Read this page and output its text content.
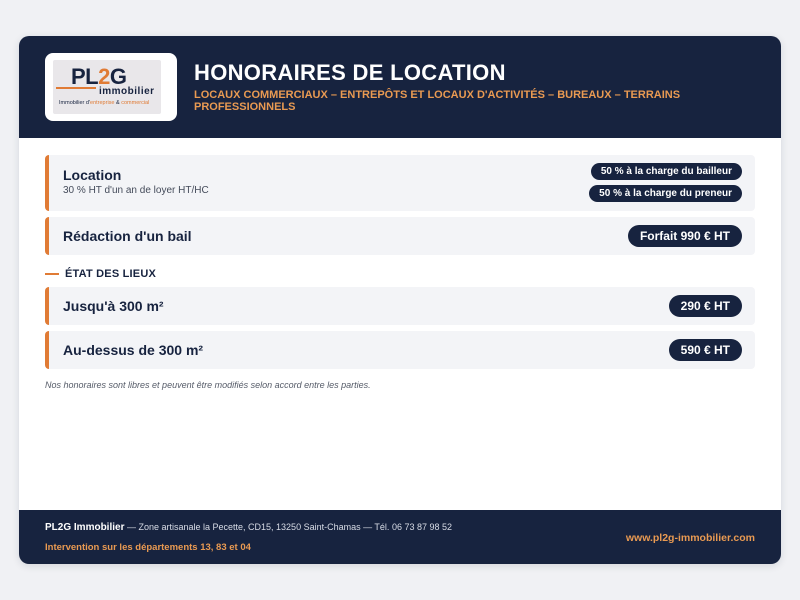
PL2G
immobilier
Immobilier d'entreprise & commercial
HONORAIRES DE LOCATION
LOCAUX COMMERCIAUX – ENTREPÔTS ET LOCAUX D'ACTIVITÉS – BUREAUX – TERRAINS PROFESSIONNELS
Location
30 % HT d'un an de loyer HT/HC
50 % à la charge du bailleur
50 % à la charge du preneur
Rédaction d'un bail	Forfait 990 € HT
ÉTAT DES LIEUX
Jusqu'à 300 m²	290 € HT
Au-dessus de 300 m²	590 € HT
Nos honoraires sont libres et peuvent être modifiés selon accord entre les parties.
PL2G Immobilier — Zone artisanale la Pecette, CD15, 13250 Saint-Chamas — Tél. 06 73 87 98 52
Intervention sur les départements 13, 83 et 04
www.pl2g-immobilier.com
